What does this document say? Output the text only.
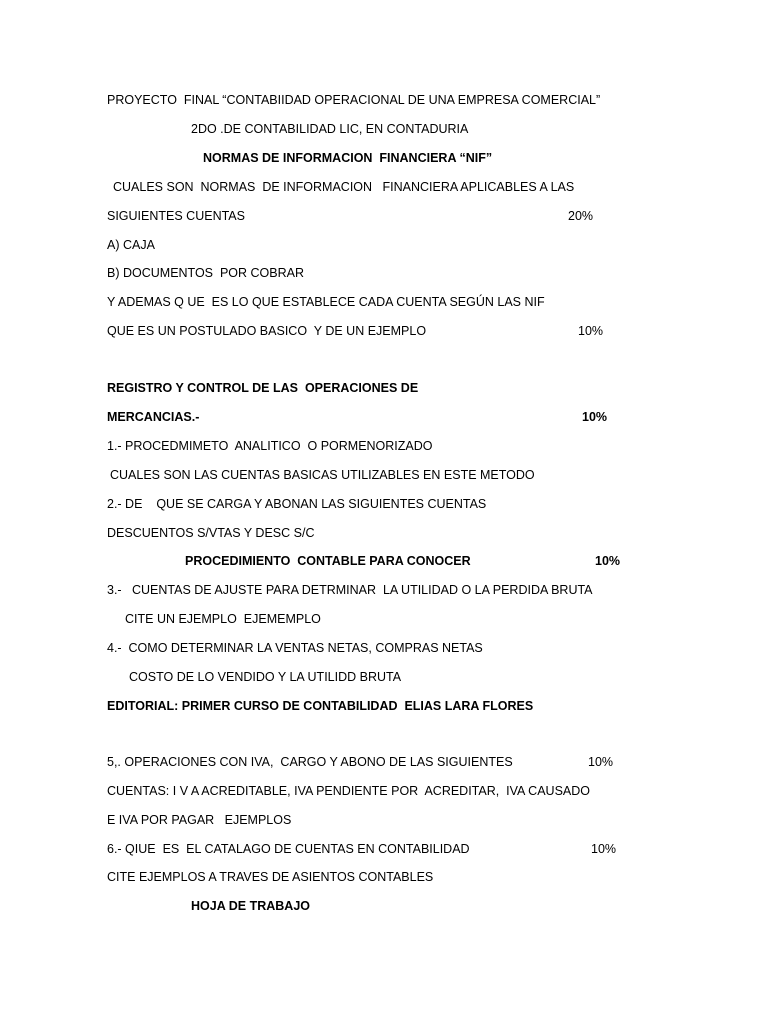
PROYECTO  FINAL “CONTABIIDAD OPERACIONAL DE UNA EMPRESA COMERCIAL”
2DO .DE CONTABILIDAD LIC, EN CONTADURIA
NORMAS DE INFORMACION  FINANCIERA “NIF”
CUALES SON  NORMAS  DE INFORMACION   FINANCIERA APLICABLES A LAS
SIGUIENTES CUENTAS	20%
A) CAJA
B) DOCUMENTOS  POR COBRAR
Y ADEMAS Q UE  ES LO QUE ESTABLECE CADA CUENTA SEGÚN LAS NIF
QUE ES UN POSTULADO BASICO  Y DE UN EJEMPLO	10%
REGISTRO Y CONTROL DE LAS  OPERACIONES DE
MERCANCIAS.-	10%
1.- PROCEDMIMETO  ANALITICO  O PORMENORIZADO
CUALES SON LAS CUENTAS BASICAS UTILIZABLES EN ESTE METODO
2.- DE    QUE SE CARGA Y ABONAN LAS SIGUIENTES CUENTAS
DESCUENTOS S/VTAS Y DESC S/C
PROCEDIMIENTO  CONTABLE PARA CONOCER	10%
3.-   CUENTAS DE AJUSTE PARA DETRMINAR  LA UTILIDAD O LA PERDIDA BRUTA
CITE UN EJEMPLO  EJEMEMPLO
4.-  COMO DETERMINAR LA VENTAS NETAS, COMPRAS NETAS
COSTO DE LO VENDIDO Y LA UTILIDD BRUTA
EDITORIAL: PRIMER CURSO DE CONTABILIDAD  ELIAS LARA FLORES
5,. OPERACIONES CON IVA,  CARGO Y ABONO DE LAS SIGUIENTES	10%
CUENTAS: I V A ACREDITABLE, IVA PENDIENTE POR  ACREDITAR,  IVA CAUSADO
E IVA POR PAGAR   EJEMPLOS
6.- QIUE  ES  EL CATALAGO DE CUENTAS EN CONTABILIDAD	10%
CITE EJEMPLOS A TRAVES DE ASIENTOS CONTABLES
HOJA DE TRABAJO
